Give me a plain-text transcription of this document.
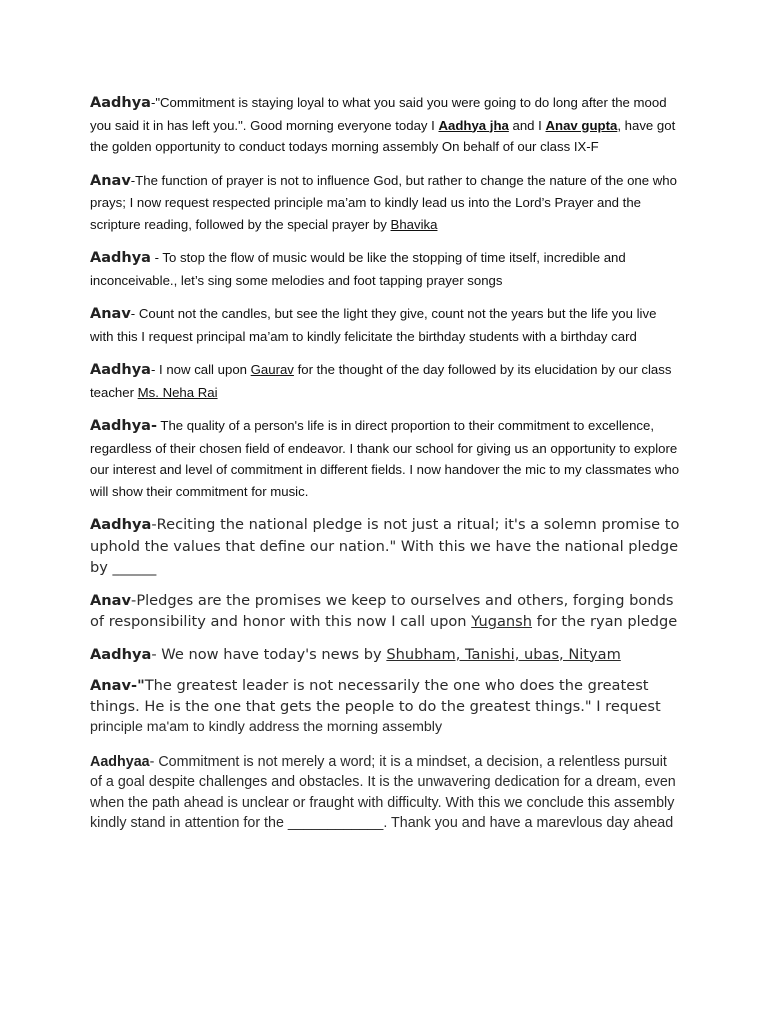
Aadhya-"Commitment is staying loyal to what you said you were going to do long after the mood you said it in has left you.". Good morning everyone today I Aadhya jha and I Anav gupta, have got the golden opportunity to conduct todays morning assembly On behalf of our class IX-F

Anav-The function of prayer is not to influence God, but rather to change the nature of the one who prays; I now request respected principle ma’am to kindly lead us into the Lord’s Prayer and the scripture reading, followed by the special prayer by Bhavika

Aadhya - To stop the flow of music would be like the stopping of time itself, incredible and inconceivable., let’s sing some melodies and foot tapping prayer songs

Anav- Count not the candles, but see the light they give, count not the years but the life you live with this I request principal ma’am to kindly felicitate the birthday students with a birthday card

Aadhya- I now call upon Gaurav for the thought of the day followed by its elucidation by our class teacher Ms. Neha Rai

Aadhya- The quality of a person's life is in direct proportion to their commitment to excellence, regardless of their chosen field of endeavor. I thank our school for giving us an opportunity to explore our interest and level of commitment in different fields. I now handover the mic to my classmates who will show their commitment for music.

Aadhya-Reciting the national pledge is not just a ritual; it's a solemn promise to uphold the values that define our nation." With this we have the national pledge by ______

Anav-Pledges are the promises we keep to ourselves and others, forging bonds of responsibility and honor with this now I call upon Yugansh for the ryan pledge

Aadhya- We now have today's news by Shubham, Tanishi, ubas, Nityam

Anav-"The greatest leader is not necessarily the one who does the greatest things. He is the one that gets the people to do the greatest things." I request principle ma'am to kindly address the morning assembly

Aadhyaa- Commitment is not merely a word; it is a mindset, a decision, a relentless pursuit of a goal despite challenges and obstacles. It is the unwavering dedication for a dream, even when the path ahead is unclear or fraught with difficulty. With this we conclude this assembly kindly stand in attention for the ____________. Thank you and have a marevlous day ahead
